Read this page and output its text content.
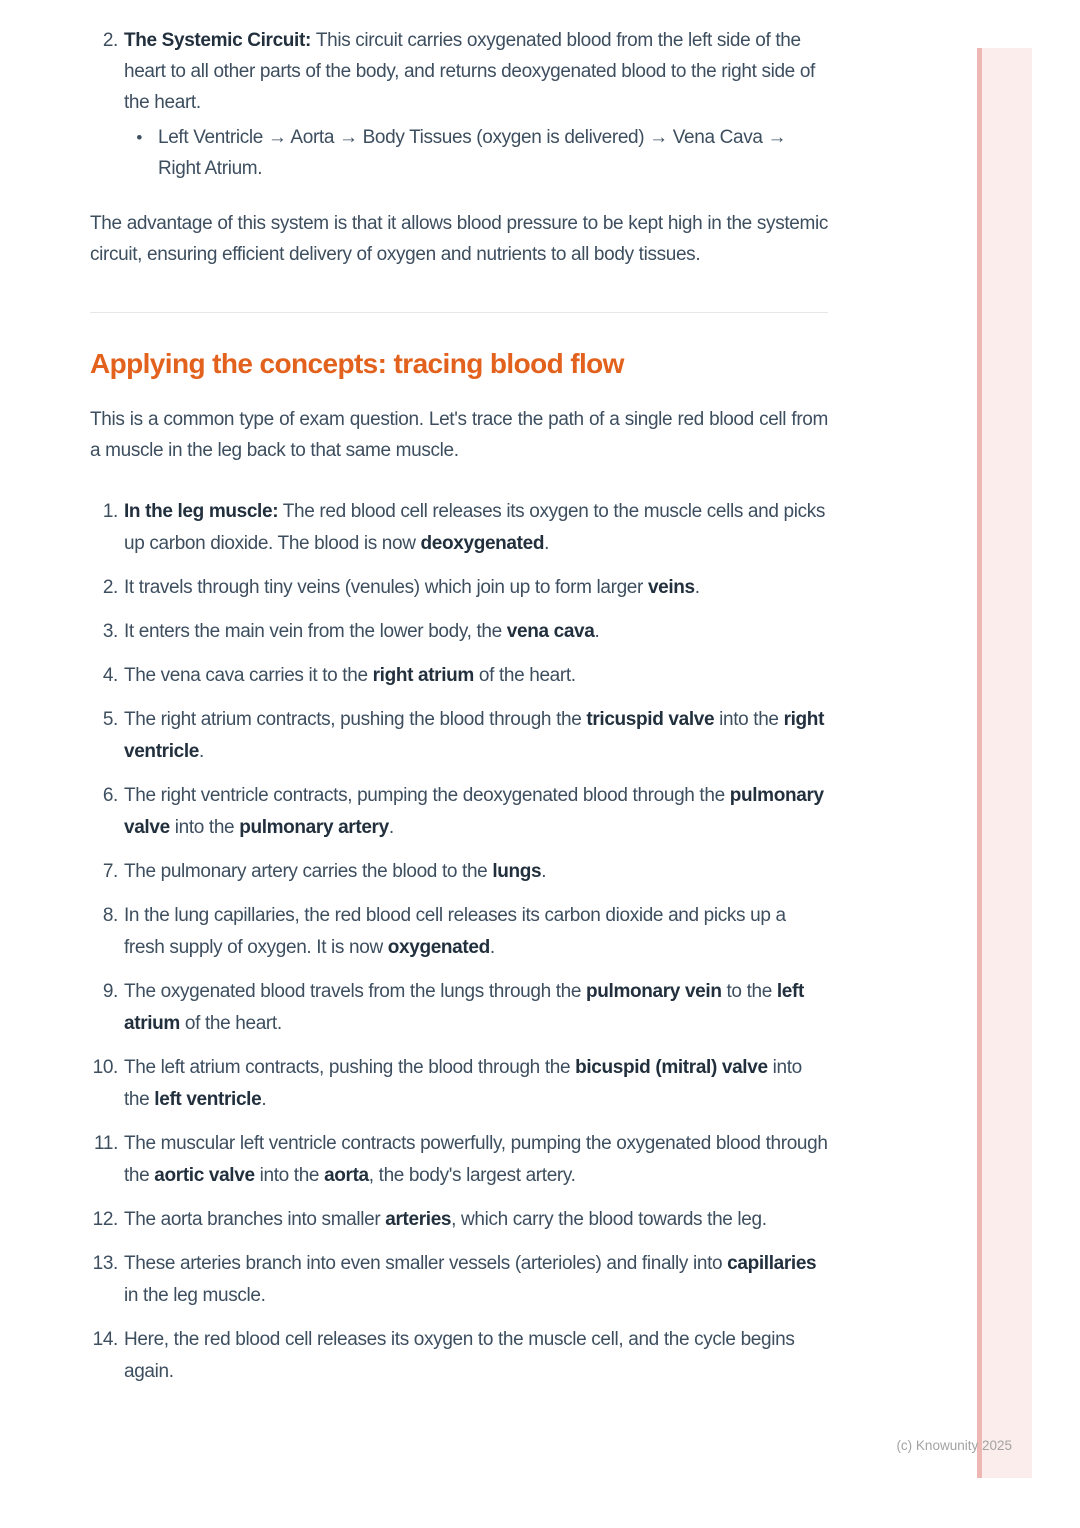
2. The Systemic Circuit: This circuit carries oxygenated blood from the left side of the heart to all other parts of the body, and returns deoxygenated blood to the right side of the heart.
• Left Ventricle → Aorta → Body Tissues (oxygen is delivered) → Vena Cava → Right Atrium.

The advantage of this system is that it allows blood pressure to be kept high in the systemic circuit, ensuring efficient delivery of oxygen and nutrients to all body tissues.

Applying the concepts: tracing blood flow

This is a common type of exam question. Let's trace the path of a single red blood cell from a muscle in the leg back to that same muscle.

1. In the leg muscle: The red blood cell releases its oxygen to the muscle cells and picks up carbon dioxide. The blood is now deoxygenated.
2. It travels through tiny veins (venules) which join up to form larger veins.
3. It enters the main vein from the lower body, the vena cava.
4. The vena cava carries it to the right atrium of the heart.
5. The right atrium contracts, pushing the blood through the tricuspid valve into the right ventricle.
6. The right ventricle contracts, pumping the deoxygenated blood through the pulmonary valve into the pulmonary artery.
7. The pulmonary artery carries the blood to the lungs.
8. In the lung capillaries, the red blood cell releases its carbon dioxide and picks up a fresh supply of oxygen. It is now oxygenated.
9. The oxygenated blood travels from the lungs through the pulmonary vein to the left atrium of the heart.
10. The left atrium contracts, pushing the blood through the bicuspid (mitral) valve into the left ventricle.
11. The muscular left ventricle contracts powerfully, pumping the oxygenated blood through the aortic valve into the aorta, the body's largest artery.
12. The aorta branches into smaller arteries, which carry the blood towards the leg.
13. These arteries branch into even smaller vessels (arterioles) and finally into capillaries in the leg muscle.
14. Here, the red blood cell releases its oxygen to the muscle cell, and the cycle begins again.
(c) Knowunity 2025
